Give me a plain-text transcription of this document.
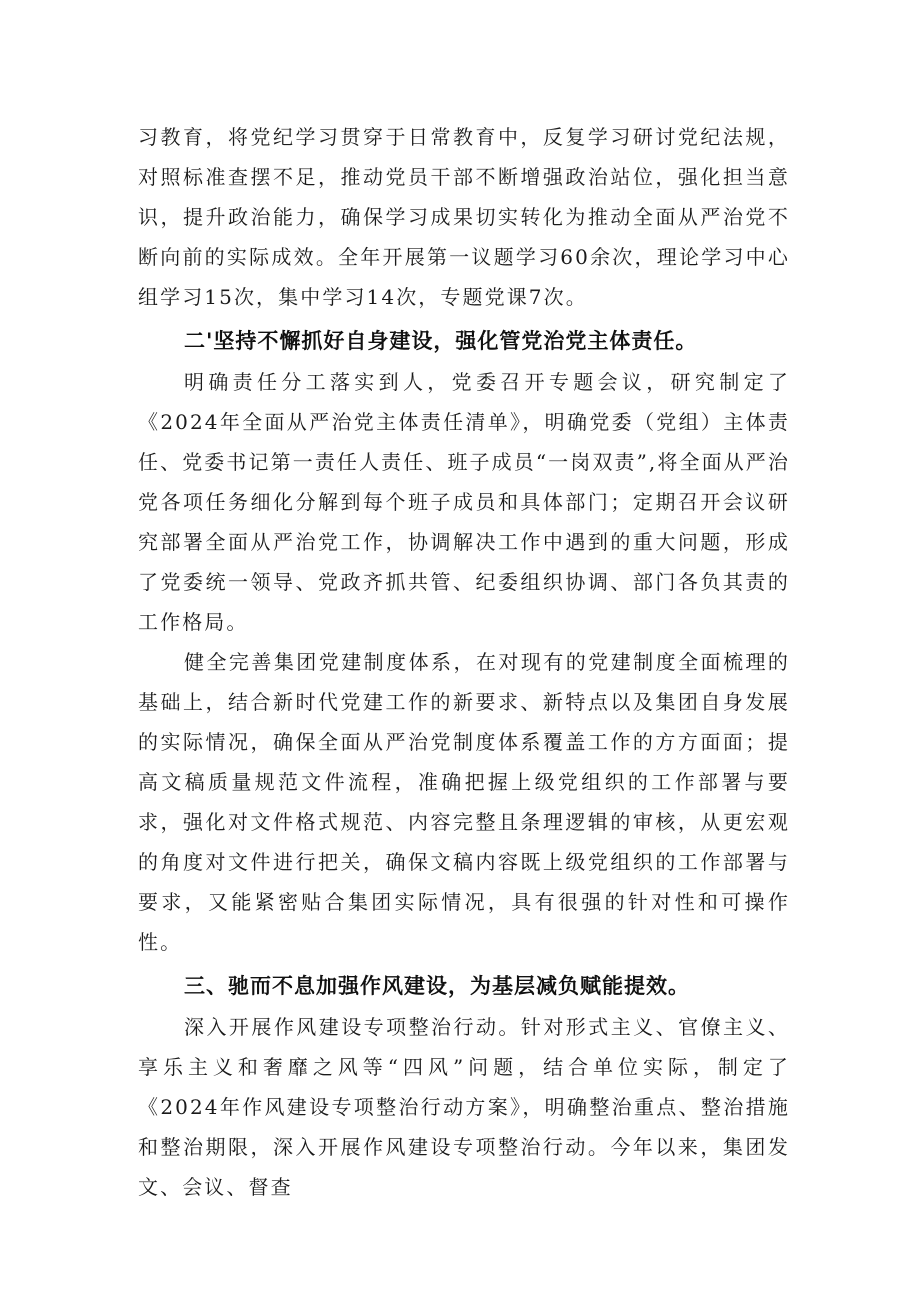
习教育，将党纪学习贯穿于日常教育中，反复学习研讨党纪法规，对照标准查摆不足，推动党员干部不断增强政治站位，强化担当意识，提升政治能力，确保学习成果切实转化为推动全面从严治党不断向前的实际成效。全年开展第一议题学习60余次，理论学习中心组学习15次，集中学习14次，专题党课7次。

二'坚持不懈抓好自身建设，强化管党治党主体责任。

明确责任分工落实到人，党委召开专题会议，研究制定了《2024年全面从严治党主体责任清单》，明确党委（党组）主体责任、党委书记第一责任人责任、班子成员“一岗双责”,将全面从严治党各项任务细化分解到每个班子成员和具体部门；定期召开会议研究部署全面从严治党工作，协调解决工作中遇到的重大问题，形成了党委统一领导、党政齐抓共管、纪委组织协调、部门各负其责的工作格局。

健全完善集团党建制度体系，在对现有的党建制度全面梳理的基础上，结合新时代党建工作的新要求、新特点以及集团自身发展的实际情况，确保全面从严治党制度体系覆盖工作的方方面面；提高文稿质量规范文件流程，准确把握上级党组织的工作部署与要求，强化对文件格式规范、内容完整且条理逻辑的审核，从更宏观的角度对文件进行把关，确保文稿内容既上级党组织的工作部署与要求，又能紧密贴合集团实际情况，具有很强的针对性和可操作性。

三、驰而不息加强作风建设，为基层减负赋能提效。

深入开展作风建设专项整治行动。针对形式主义、官僚主义、享乐主义和奢靡之风等“四风”问题，结合单位实际，制定了《2024年作风建设专项整治行动方案》，明确整治重点、整治措施和整治期限，深入开展作风建设专项整治行动。今年以来，集团发文、会议、督查
